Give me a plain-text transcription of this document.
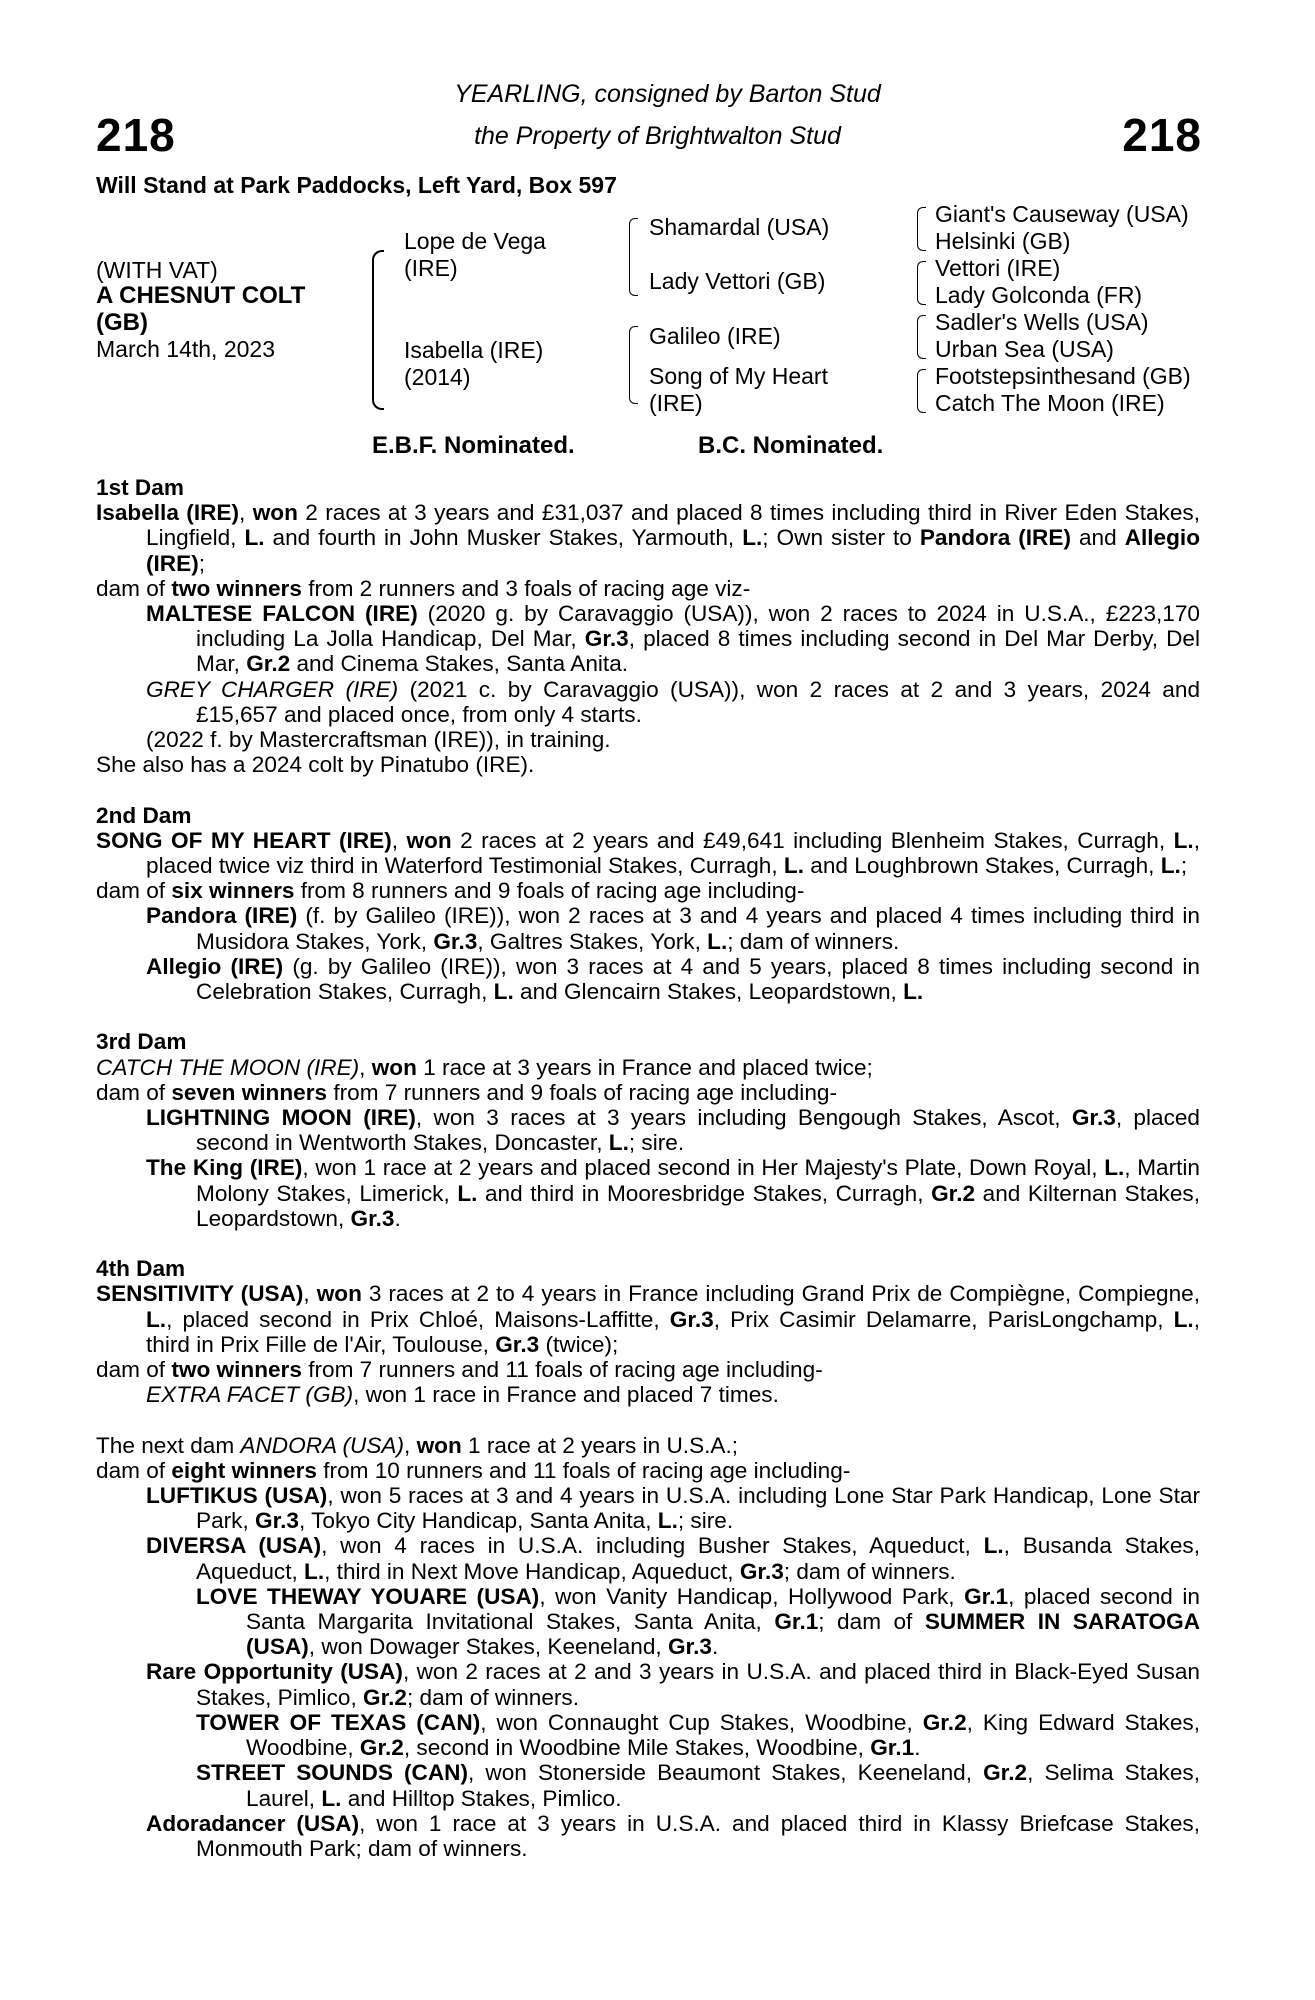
218	218
YEARLING, consigned by Barton Stud
the Property of Brightwalton Stud
Will Stand at Park Paddocks, Left Yard, Box 597
(WITH VAT)
A CHESNUT COLT
(GB)
March 14th, 2023
Lope de Vega
(IRE)
Isabella (IRE)
(2014)
Shamardal (USA)
Lady Vettori (GB)
Galileo (IRE)
Song of My Heart
(IRE)
Giant's Causeway (USA)
Helsinki (GB)
Vettori (IRE)
Lady Golconda (FR)
Sadler's Wells (USA)
Urban Sea (USA)
Footstepsinthesand (GB)
Catch The Moon (IRE)
E.B.F. Nominated.	B.C. Nominated.
1st Dam
Isabella (IRE), won 2 races at 3 years and £31,037 and placed 8 times including third in River Eden Stakes, Lingfield, L. and fourth in John Musker Stakes, Yarmouth, L.; Own sister to Pandora (IRE) and Allegio (IRE);
dam of two winners from 2 runners and 3 foals of racing age viz-
MALTESE FALCON (IRE) (2020 g. by Caravaggio (USA)), won 2 races to 2024 in U.S.A., £223,170 including La Jolla Handicap, Del Mar, Gr.3, placed 8 times including second in Del Mar Derby, Del Mar, Gr.2 and Cinema Stakes, Santa Anita.
GREY CHARGER (IRE) (2021 c. by Caravaggio (USA)), won 2 races at 2 and 3 years, 2024 and £15,657 and placed once, from only 4 starts.
(2022 f. by Mastercraftsman (IRE)), in training.
She also has a 2024 colt by Pinatubo (IRE).
2nd Dam
SONG OF MY HEART (IRE), won 2 races at 2 years and £49,641 including Blenheim Stakes, Curragh, L., placed twice viz third in Waterford Testimonial Stakes, Curragh, L. and Loughbrown Stakes, Curragh, L.;
dam of six winners from 8 runners and 9 foals of racing age including-
Pandora (IRE) (f. by Galileo (IRE)), won 2 races at 3 and 4 years and placed 4 times including third in Musidora Stakes, York, Gr.3, Galtres Stakes, York, L.; dam of winners.
Allegio (IRE) (g. by Galileo (IRE)), won 3 races at 4 and 5 years, placed 8 times including second in Celebration Stakes, Curragh, L. and Glencairn Stakes, Leopardstown, L.
3rd Dam
CATCH THE MOON (IRE), won 1 race at 3 years in France and placed twice;
dam of seven winners from 7 runners and 9 foals of racing age including-
LIGHTNING MOON (IRE), won 3 races at 3 years including Bengough Stakes, Ascot, Gr.3, placed second in Wentworth Stakes, Doncaster, L.; sire.
The King (IRE), won 1 race at 2 years and placed second in Her Majesty's Plate, Down Royal, L., Martin Molony Stakes, Limerick, L. and third in Mooresbridge Stakes, Curragh, Gr.2 and Kilternan Stakes, Leopardstown, Gr.3.
4th Dam
SENSITIVITY (USA), won 3 races at 2 to 4 years in France including Grand Prix de Compiègne, Compiegne, L., placed second in Prix Chloé, Maisons-Laffitte, Gr.3, Prix Casimir Delamarre, ParisLongchamp, L., third in Prix Fille de l'Air, Toulouse, Gr.3 (twice);
dam of two winners from 7 runners and 11 foals of racing age including-
EXTRA FACET (GB), won 1 race in France and placed 7 times.
The next dam ANDORA (USA), won 1 race at 2 years in U.S.A.;
dam of eight winners from 10 runners and 11 foals of racing age including-
LUFTIKUS (USA), won 5 races at 3 and 4 years in U.S.A. including Lone Star Park Handicap, Lone Star Park, Gr.3, Tokyo City Handicap, Santa Anita, L.; sire.
DIVERSA (USA), won 4 races in U.S.A. including Busher Stakes, Aqueduct, L., Busanda Stakes, Aqueduct, L., third in Next Move Handicap, Aqueduct, Gr.3; dam of winners.
LOVE THEWAY YOUARE (USA), won Vanity Handicap, Hollywood Park, Gr.1, placed second in Santa Margarita Invitational Stakes, Santa Anita, Gr.1; dam of SUMMER IN SARATOGA (USA), won Dowager Stakes, Keeneland, Gr.3.
Rare Opportunity (USA), won 2 races at 2 and 3 years in U.S.A. and placed third in Black-Eyed Susan Stakes, Pimlico, Gr.2; dam of winners.
TOWER OF TEXAS (CAN), won Connaught Cup Stakes, Woodbine, Gr.2, King Edward Stakes, Woodbine, Gr.2, second in Woodbine Mile Stakes, Woodbine, Gr.1.
STREET SOUNDS (CAN), won Stonerside Beaumont Stakes, Keeneland, Gr.2, Selima Stakes, Laurel, L. and Hilltop Stakes, Pimlico.
Adoradancer (USA), won 1 race at 3 years in U.S.A. and placed third in Klassy Briefcase Stakes, Monmouth Park; dam of winners.
